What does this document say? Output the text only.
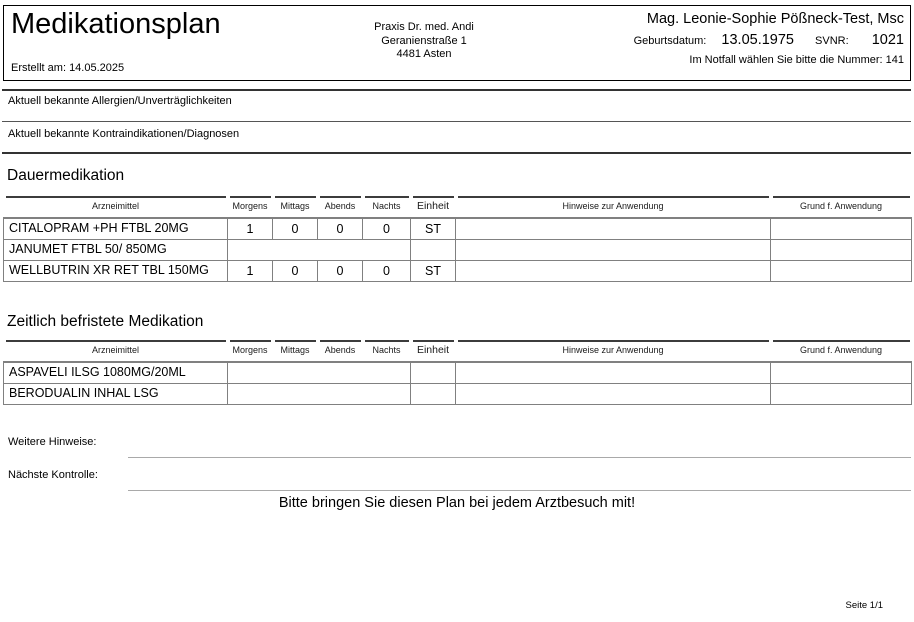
Medikationsplan
Erstellt am: 14.05.2025
Praxis Dr. med. Andi
Geranienstraße 1
4481 Asten
Mag. Leonie-Sophie Pößneck-Test, Msc
Geburtsdatum: 13.05.1975 SVNR: 1021
Im Notfall wählen Sie bitte die Nummer: 141
Aktuell bekannte Allergien/Unverträglichkeiten
Aktuell bekannte Kontraindikationen/Diagnosen
Dauermedikation
Arzneimittel	Morgens	Mittags	Abends	Nachts	Einheit	Hinweise zur Anwendung	Grund f. Anwendung
CITALOPRAM +PH FTBL 20MG	1	0	0	0	ST		
JANUMET FTBL 50/ 850MG							
WELLBUTRIN XR RET TBL 150MG	1	0	0	0	ST		
Zeitlich befristete Medikation
Arzneimittel	Morgens	Mittags	Abends	Nachts	Einheit	Hinweise zur Anwendung	Grund f. Anwendung
ASPAVELI ILSG 1080MG/20ML							
BERODUALIN INHAL LSG							
Weitere Hinweise:
Nächste Kontrolle:
Bitte bringen Sie diesen Plan bei jedem Arztbesuch mit!
Seite 1/1
